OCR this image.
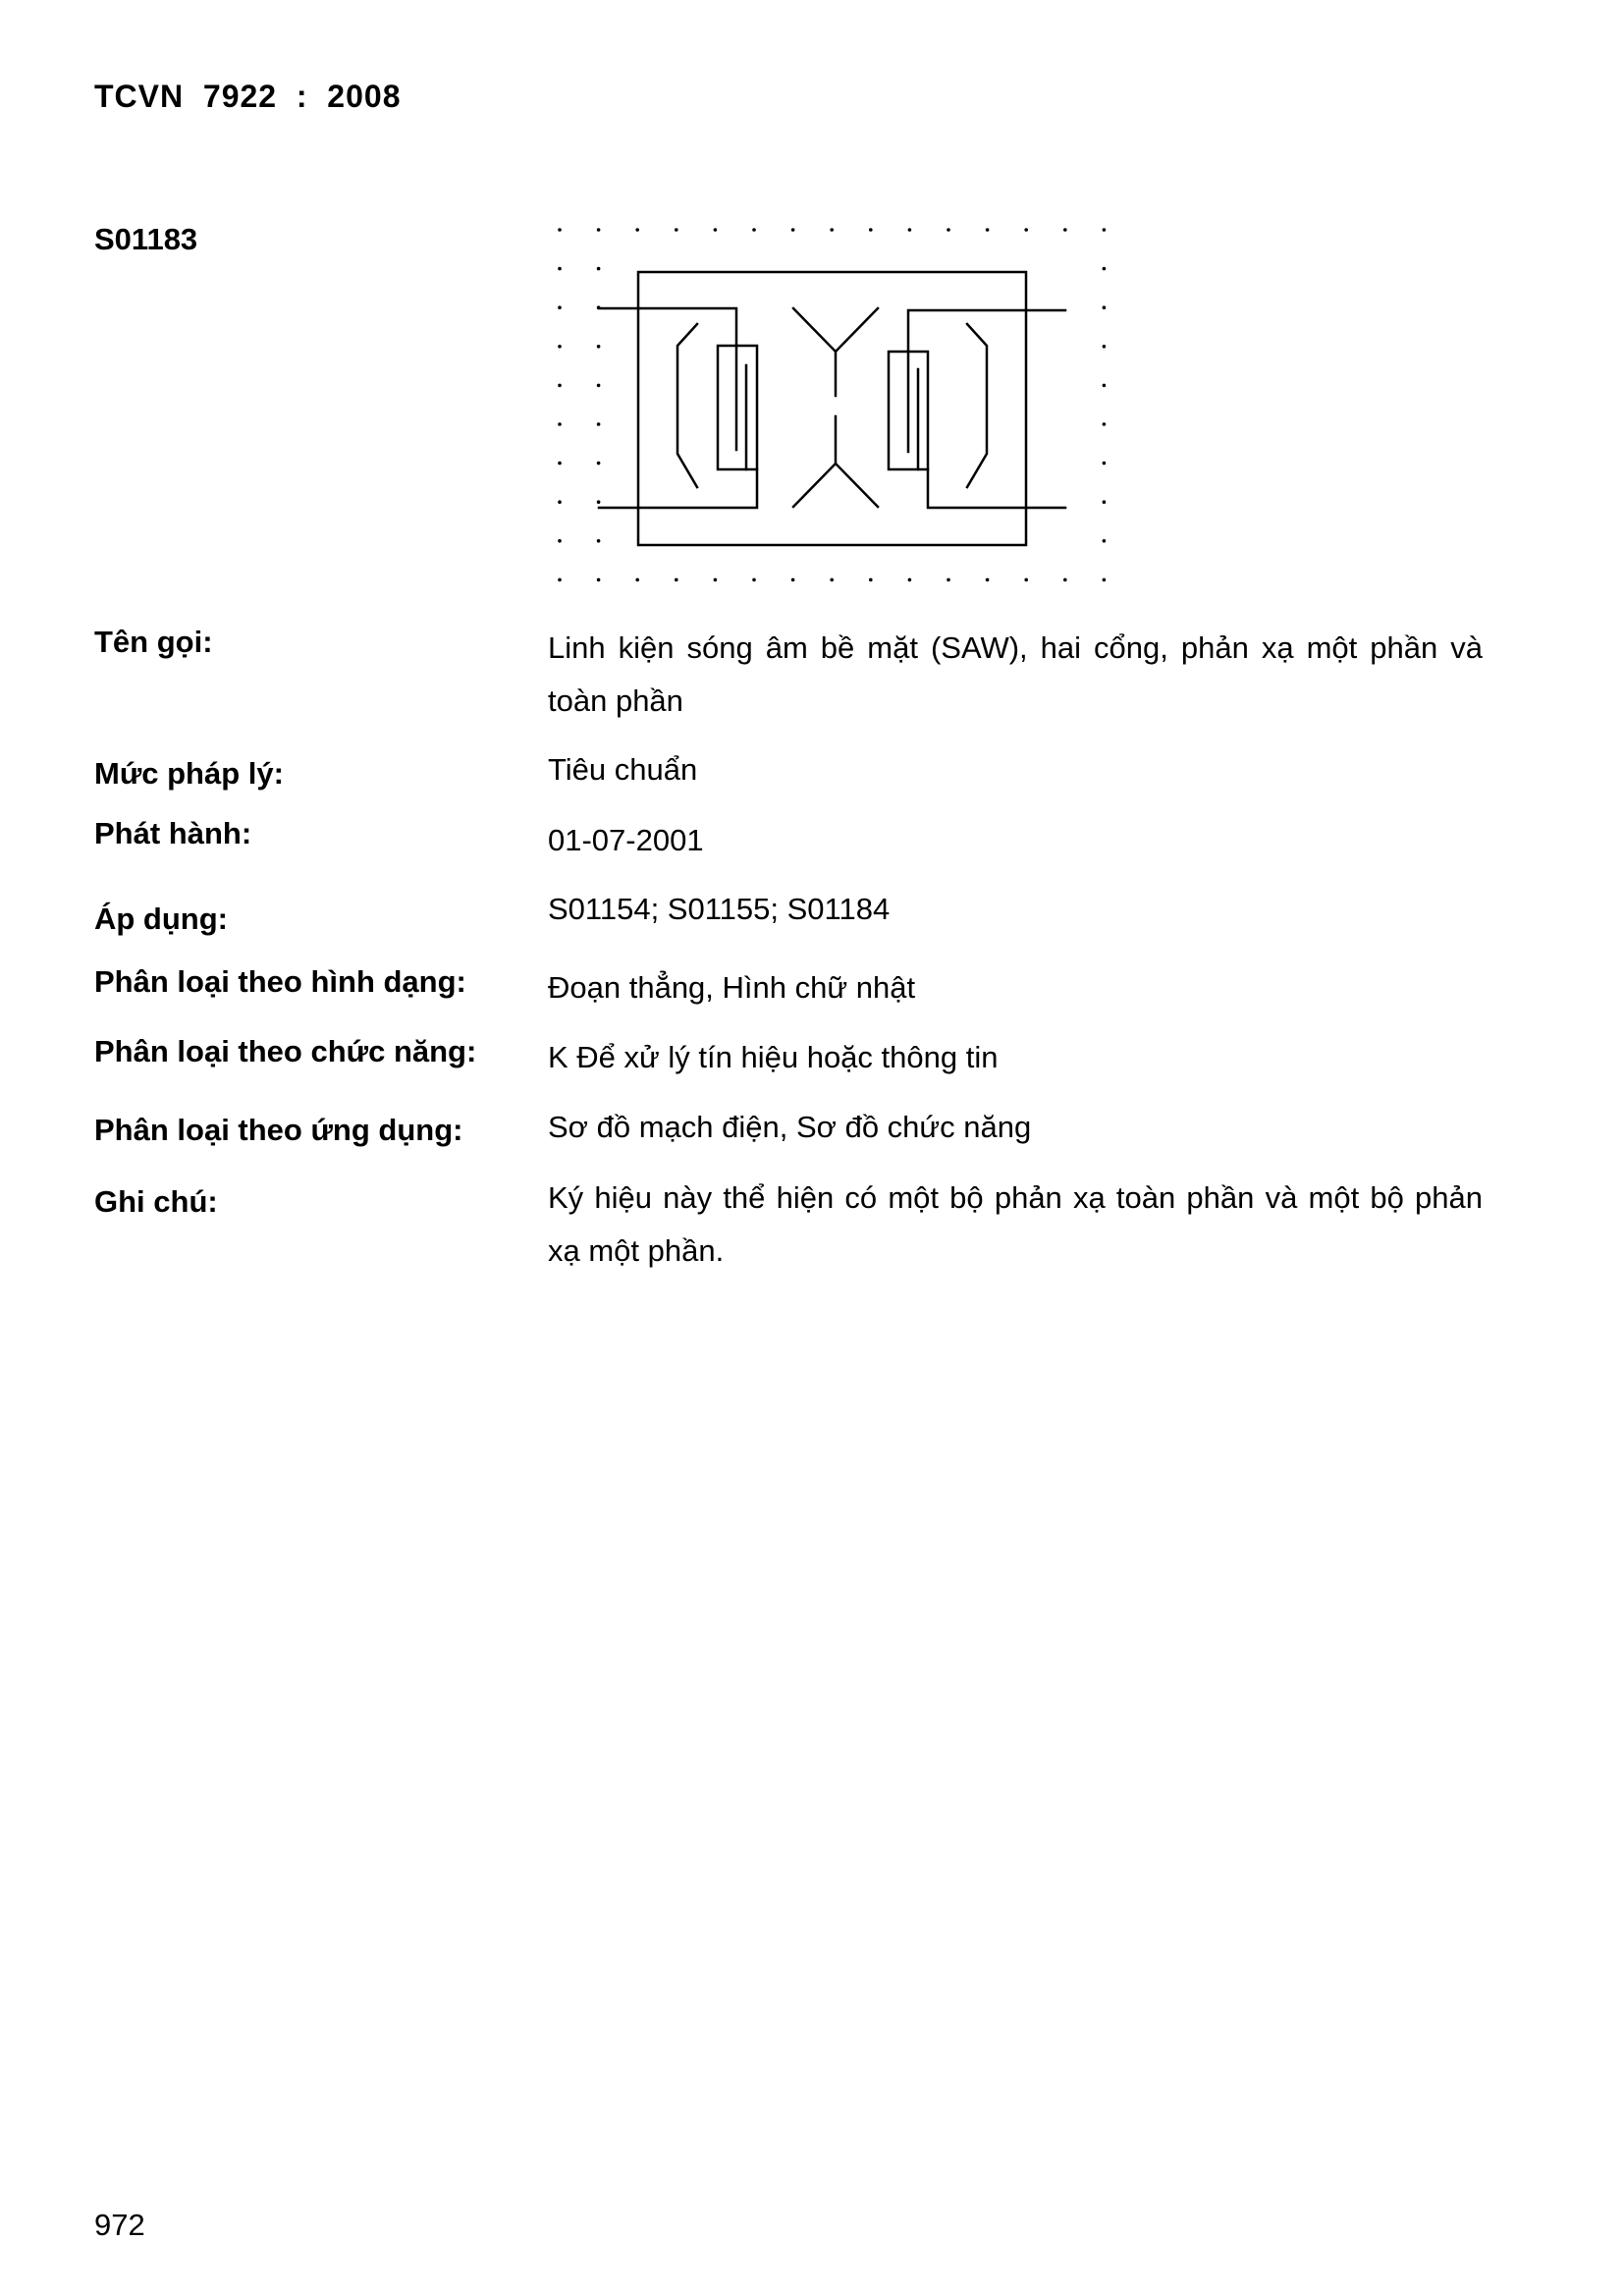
TCVN  7922  :  2008
S01183
Tên gọi:	Linh kiện sóng âm bề mặt (SAW), hai cổng, phản xạ một phần và toàn phần
Mức pháp lý:	Tiêu chuẩn
Phát hành:	01-07-2001
Áp dụng:	S01154; S01155; S01184
Phân loại theo hình dạng:	Đoạn thẳng, Hình chữ nhật
Phân loại theo chức năng: K Để xử lý tín hiệu hoặc thông tin
Phân loại theo ứng dụng:	Sơ đồ mạch điện, Sơ đồ chức năng
Ghi chú:	Ký hiệu này thể hiện có một bộ phản xạ toàn phần và một bộ phản xạ một phần.
972
